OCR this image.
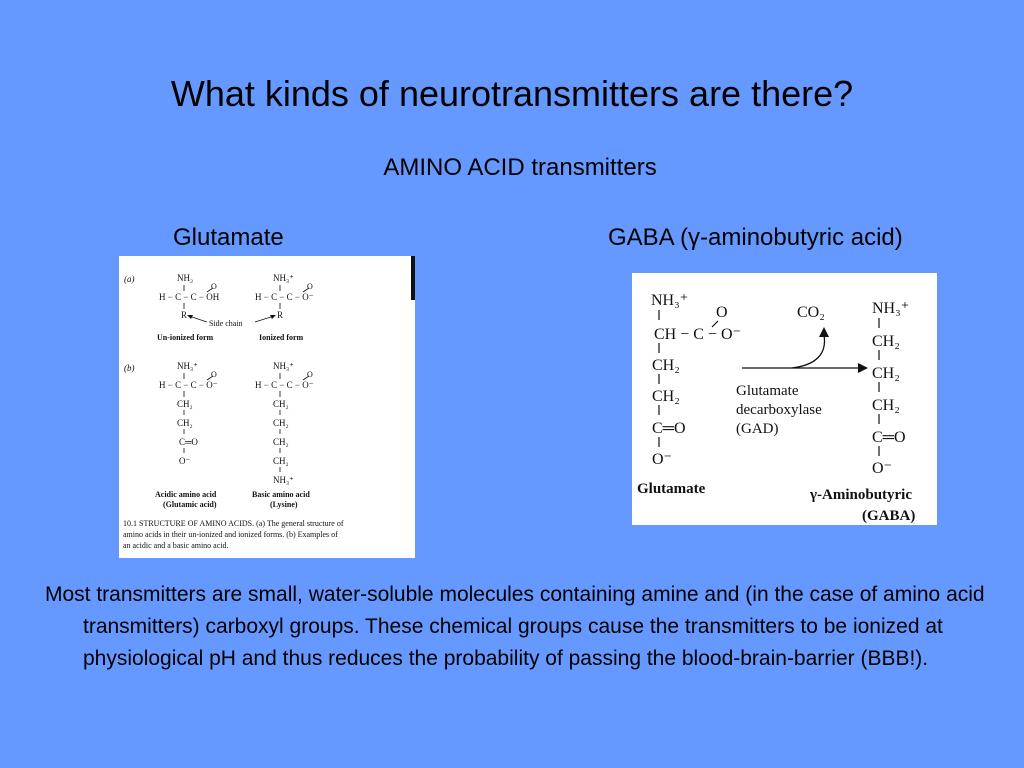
What kinds of neurotransmitters are there?
AMINO ACID transmitters
Glutamate	GABA (γ-aminobutyric acid)
(a)	NH₂
H − C − C − OH
O
R
NH₃⁺
H − C − C − O⁻
O
R
Side chain
Un-ionized form	Ionized form
(b)	NH₃⁺
H − C − C − O⁻
O
CH₂
CH₂
C═O
O⁻
NH₃⁺
H − C − C − O⁻
O
CH₂
CH₂
CH₂
CH₂
NH₃⁺
Acidic amino acid
(Glutamic acid)
Basic amino acid
(Lysine)
10.1 STRUCTURE OF AMINO ACIDS. (a) The general structure of
amino acids in their un-ionized and ionized forms. (b) Examples of
an acidic and a basic amino acid.
NH₃⁺
CH − C − O⁻
O
CH₂
CH₂
C═O
O⁻
Glutamate
CO₂
Glutamate
decarboxylase
(GAD)
NH₃⁺
CH₂
CH₂
CH₂
C═O
O⁻
γ-Aminobutyric
(GABA)
Most transmitters are small, water-soluble molecules containing amine and (in the case of amino acid transmitters) carboxyl groups. These chemical groups cause the transmitters to be ionized at physiological pH and thus reduces the probability of passing the blood-brain-barrier (BBB!).
